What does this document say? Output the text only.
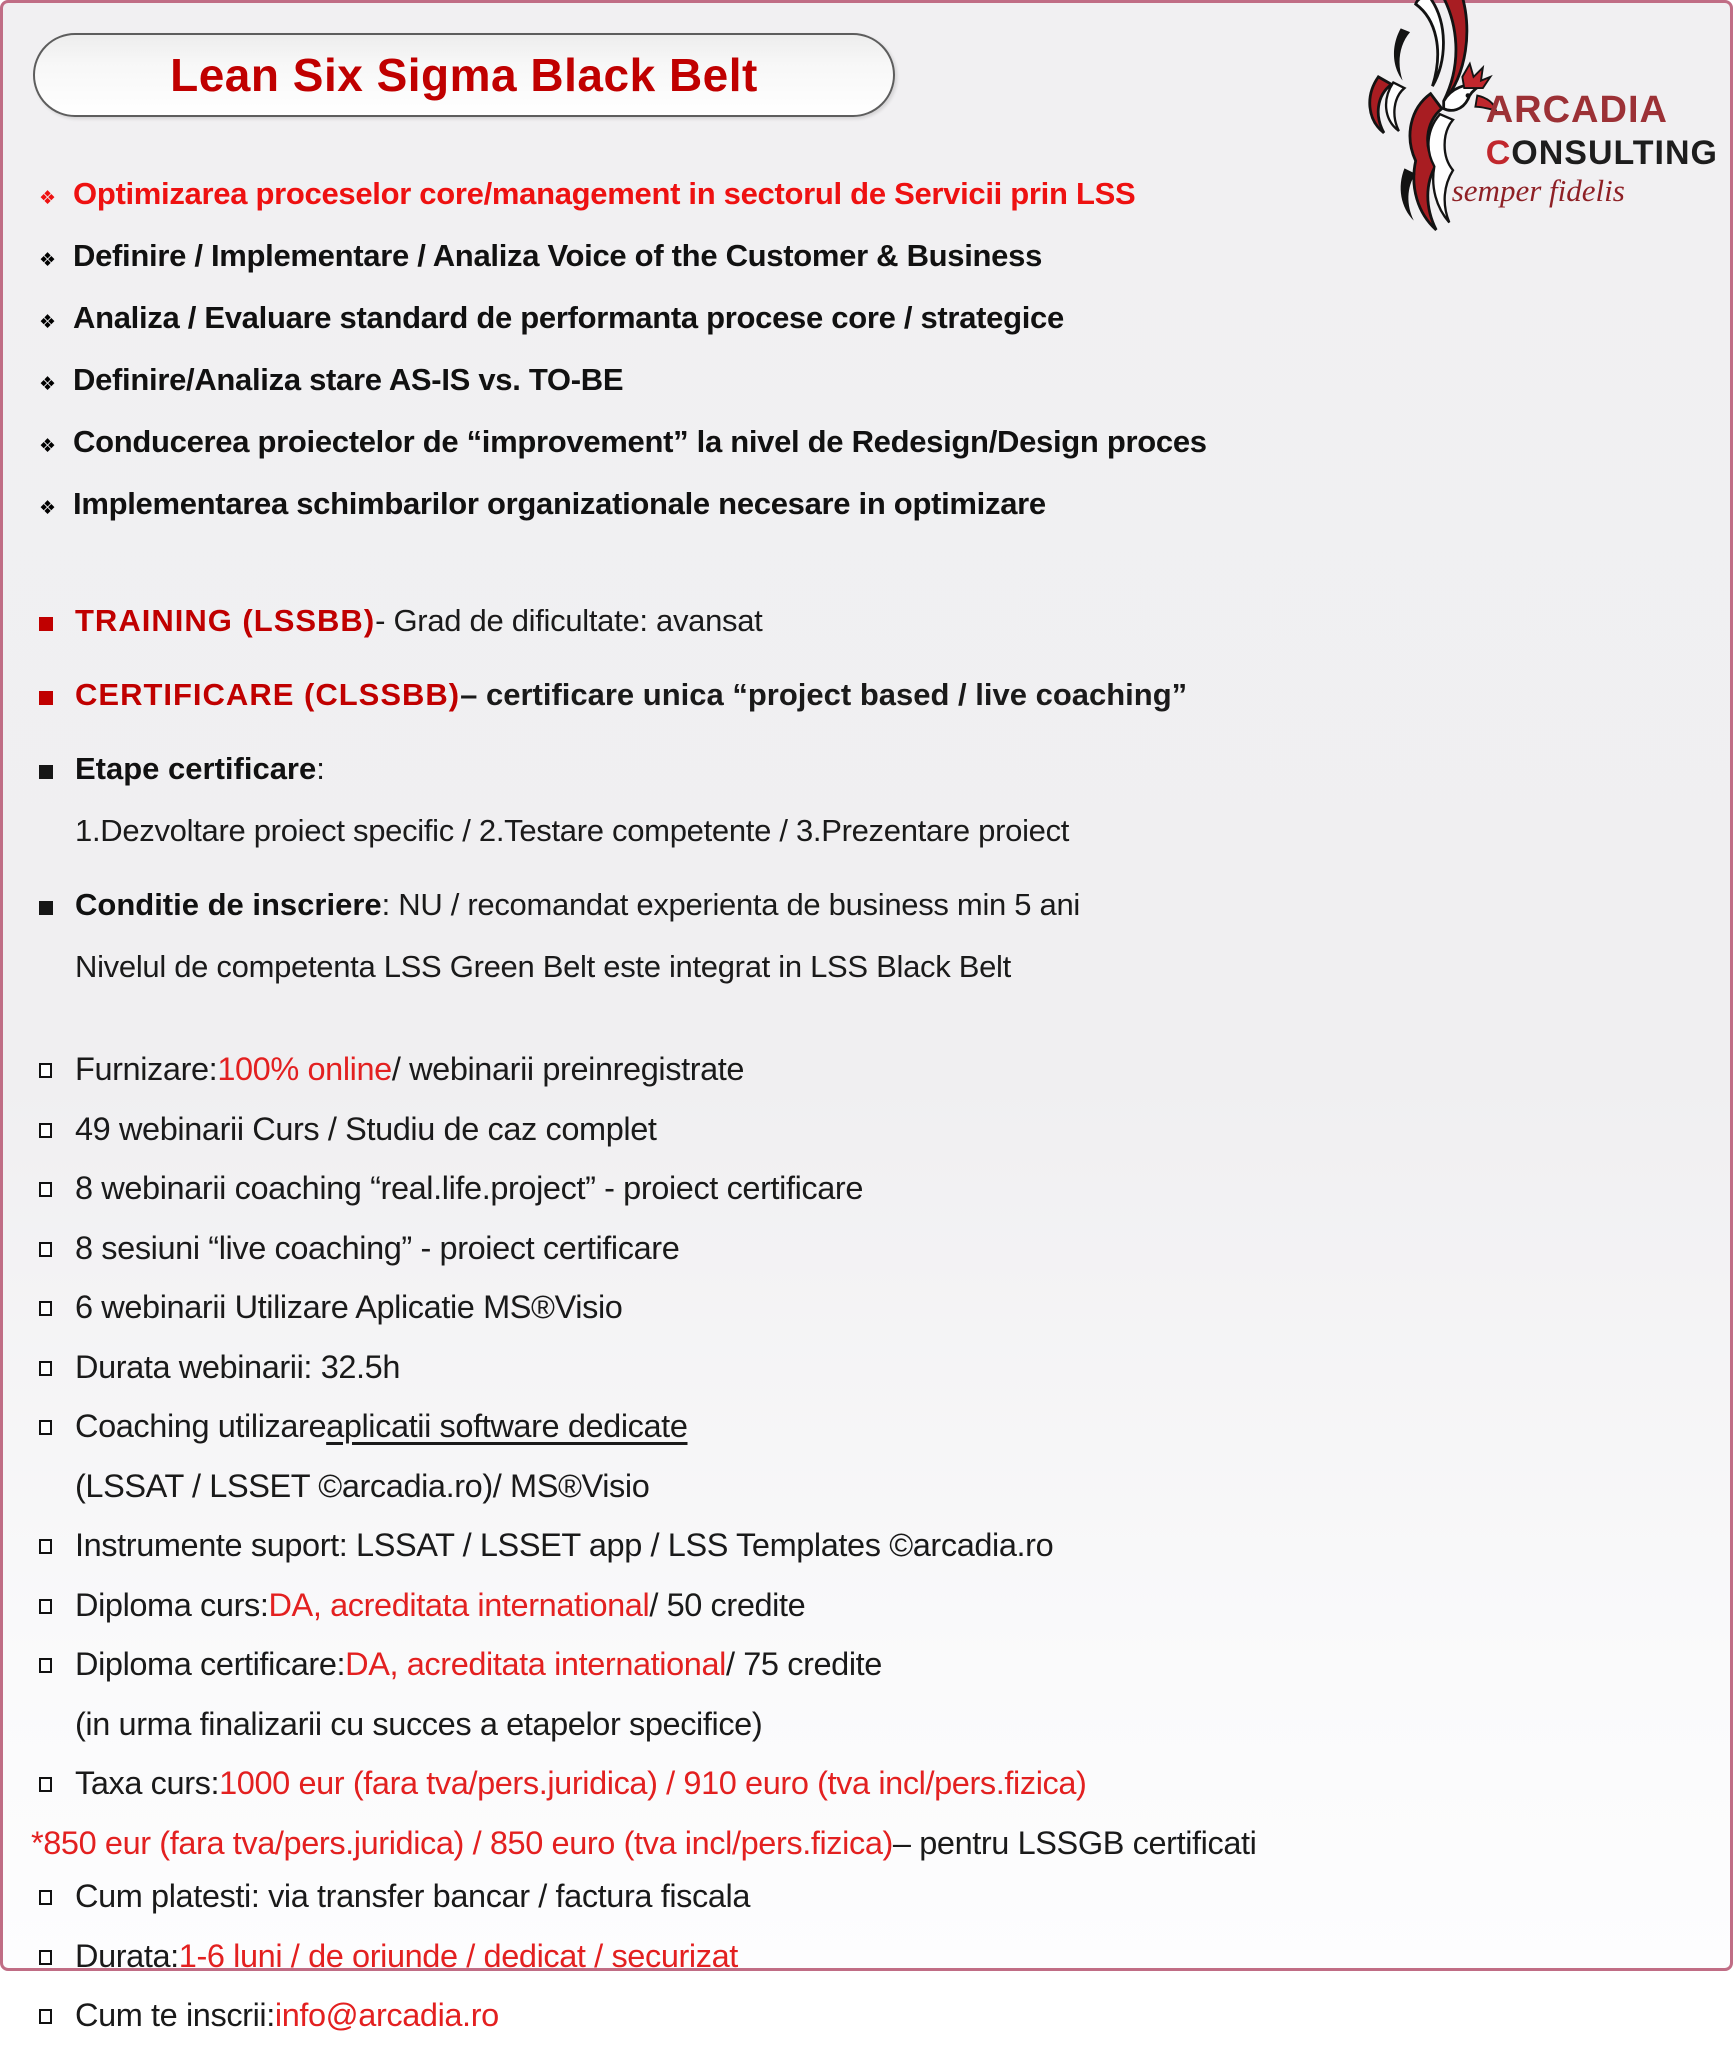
Lean Six Sigma Black Belt
ARCADIA
CONSULTING
semper fidelis
❖ Optimizarea proceselor core/management in sectorul de Servicii prin LSS
❖ Definire / Implementare / Analiza Voice of the Customer & Business
❖ Analiza / Evaluare standard de performanta procese core / strategice
❖ Definire/Analiza stare AS-IS vs. TO-BE
❖ Conducerea proiectelor de “improvement” la nivel de Redesign/Design proces
❖ Implementarea schimbarilor organizationale necesare in optimizare
TRAINING (LSSBB) - Grad de dificultate: avansat
CERTIFICARE (CLSSBB) – certificare unica “project based / live coaching”
Etape certificare :
1.Dezvoltare proiect specific / 2.Testare competente / 3.Prezentare proiect
Conditie de inscriere : NU / recomandat experienta de business min 5 ani
Nivelul de competenta LSS Green Belt este integrat in LSS Black Belt
Furnizare: 100% online / webinarii preinregistrate
49 webinarii Curs / Studiu de caz complet
8 webinarii coaching “real.life.project” - proiect certificare
8 sesiuni “live coaching” - proiect certificare
6 webinarii Utilizare Aplicatie MS®Visio
Durata webinarii: 32.5h
Coaching utilizare aplicatii software dedicate
(LSSAT / LSSET ©arcadia.ro)/ MS®Visio
Instrumente suport: LSSAT / LSSET app / LSS Templates ©arcadia.ro
Diploma curs: DA, acreditata international / 50 credite
Diploma certificare: DA, acreditata international / 75 credite
(in urma finalizarii cu succes a etapelor specifice)
Taxa curs: 1000 eur (fara tva/pers.juridica) / 910 euro (tva incl/pers.fizica)
*850 eur (fara tva/pers.juridica) / 850 euro (tva incl/pers.fizica) – pentru LSSGB certificati
Cum platesti: via transfer bancar / factura fiscala
Durata: 1-6 luni / de oriunde / dedicat / securizat
Cum te inscrii: info@arcadia.ro
